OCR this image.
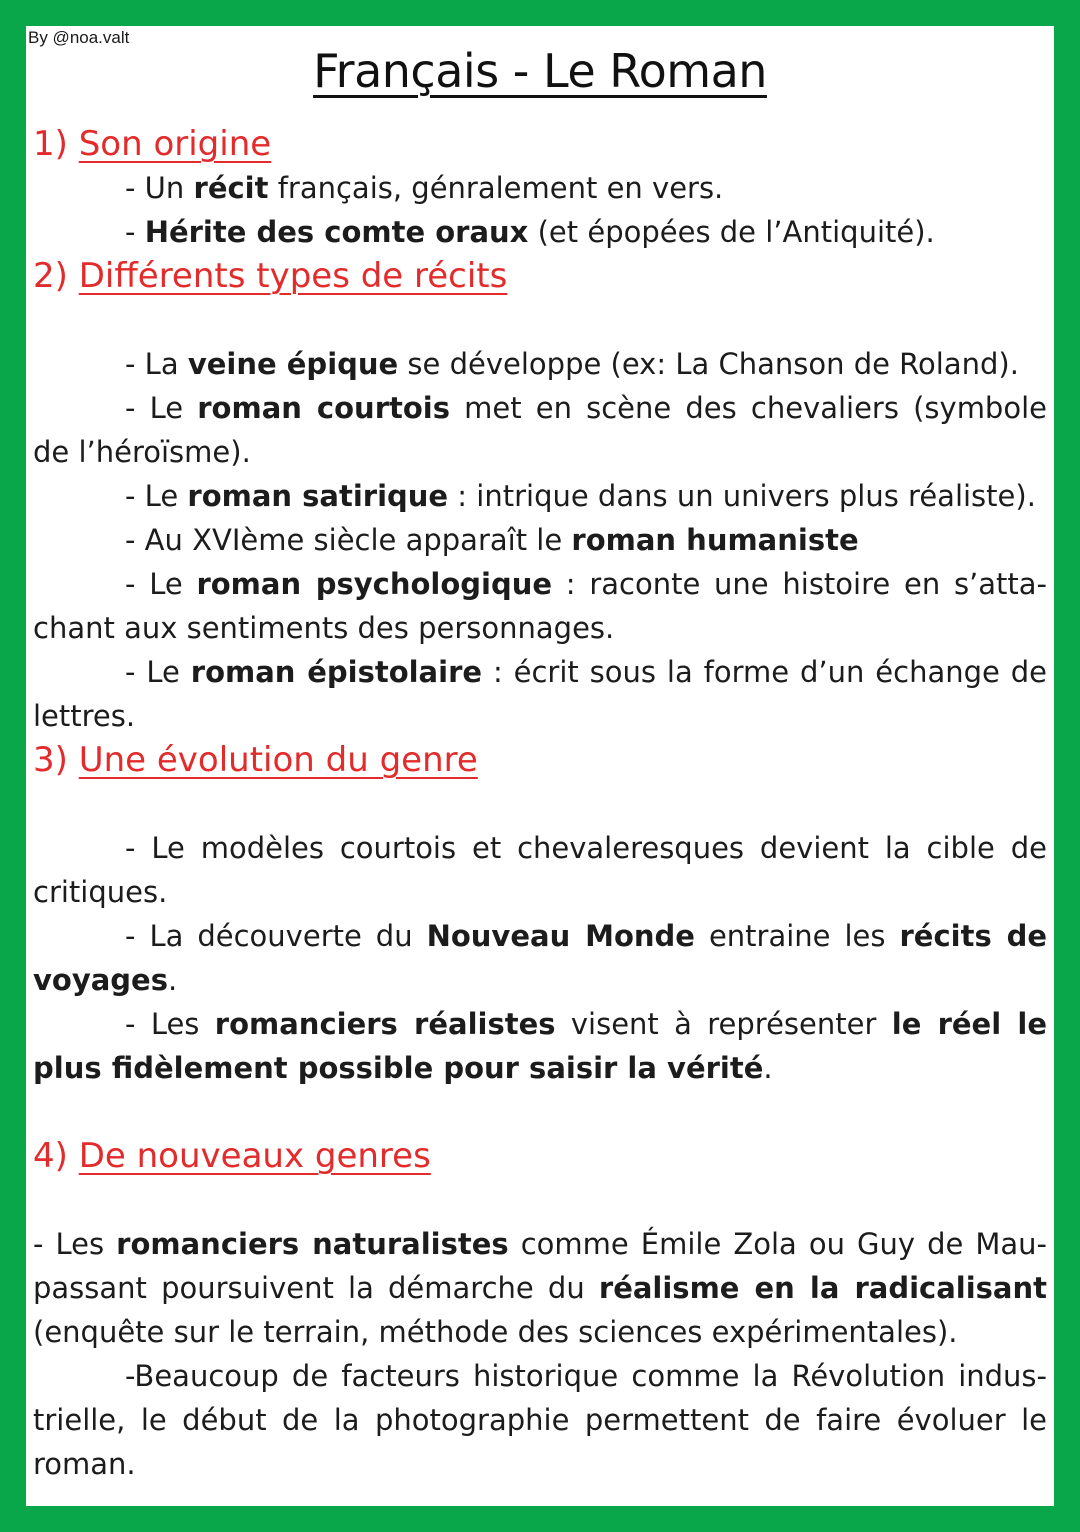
By @noa.valt
Français - Le Roman

1) Son origine

- Un récit français, génralement en vers.

- Hérite des comte oraux (et épopées de l’Antiquité).

2) Différents types de récits

- La veine épique se développe (ex: La Chanson de Roland).

- Le roman courtois met en scène des chevaliers (symbole de l’héroïsme).

- Le roman satirique : intrique dans un univers plus réaliste).

- Au XVIème siècle apparaît le roman humaniste

- Le roman psychologique : raconte une histoire en s’atta-chant aux sentiments des personnages.

- Le roman épistolaire : écrit sous la forme d’un échange de lettres.

3) Une évolution du genre

- Le modèles courtois et chevaleresques devient la cible de critiques.

- La découverte du Nouveau Monde entraine les récits de voyages.

- Les romanciers réalistes visent à représenter le réel le plus fidèlement possible pour saisir la vérité.

4) De nouveaux genres

- Les romanciers naturalistes comme Émile Zola ou Guy de Mau-passant poursuivent la démarche du réalisme en la radicalisant (enquête sur le terrain, méthode des sciences expérimentales).

-Beaucoup de facteurs historique comme la Révolution indus-trielle, le début de la photographie permettent de faire évoluer le roman.
